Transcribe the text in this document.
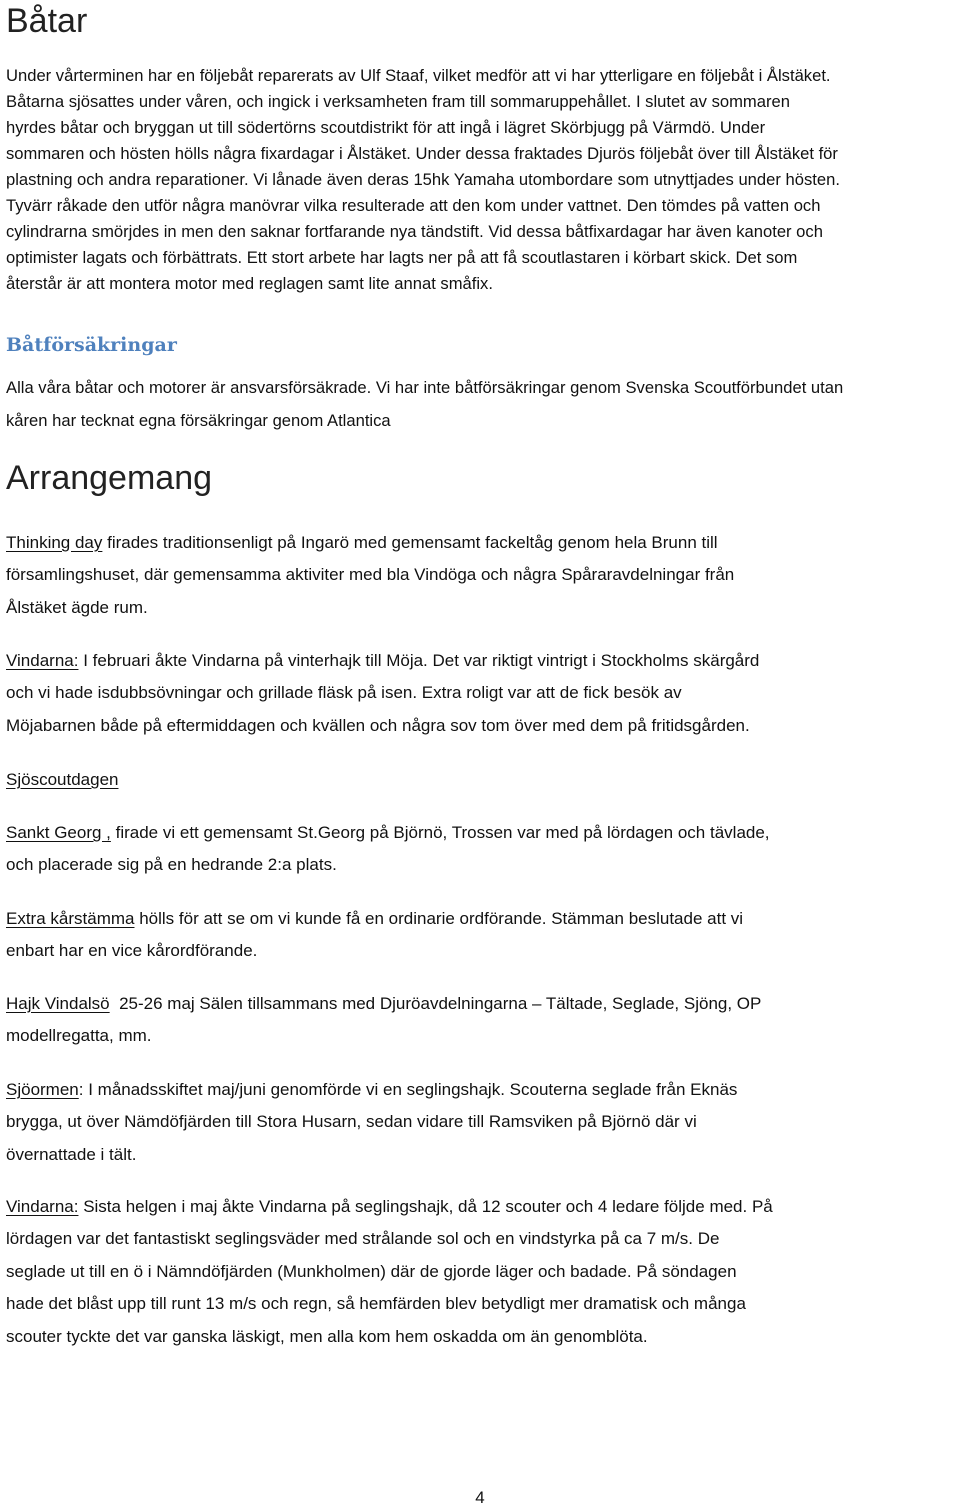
Båtar
Under vårterminen har en följebåt reparerats av Ulf Staaf, vilket medför att vi har ytterligare en följebåt i Ålstäket.
Båtarna sjösattes under våren, och ingick i verksamheten fram till sommaruppehållet. I slutet av sommaren
hyrdes båtar och bryggan ut till södertörns scoutdistrikt för att ingå i lägret Skörbjugg på Värmdö. Under
sommaren och hösten hölls några fixardagar i Ålstäket. Under dessa fraktades Djurös följebåt över till Ålstäket för
plastning och andra reparationer. Vi lånade även deras 15hk Yamaha utombordare som utnyttjades under hösten.
Tyvärr råkade den utför några manövrar vilka resulterade att den kom under vattnet. Den tömdes på vatten och
cylindrarna smörjdes in men den saknar fortfarande nya tändstift. Vid dessa båtfixardagar har även kanoter och
optimister lagats och förbättrats. Ett stort arbete har lagts ner på att få scoutlastaren i körbart skick. Det som
återstår är att montera motor med reglagen samt lite annat småfix.
Båtförsäkringar
Alla våra båtar och motorer är ansvarsförsäkrade. Vi har inte båtförsäkringar genom Svenska Scoutförbundet utan
kåren har tecknat egna försäkringar genom Atlantica
Arrangemang
Thinking day firades traditionsenligt på Ingarö med gemensamt fackeltåg genom hela Brunn till
församlingshuset, där gemensamma aktiviter med bla Vindöga och några Spåraravdelningar från
Ålstäket ägde rum.
Vindarna: I februari åkte Vindarna på vinterhajk till Möja. Det var riktigt vintrigt i Stockholms skärgård
och vi hade isdubbsövningar och grillade fläsk på isen. Extra roligt var att de fick besök av
Möjabarnen både på eftermiddagen och kvällen och några sov tom över med dem på fritidsgården.
Sjöscoutdagen
Sankt Georg , firade vi ett gemensamt St.Georg på Björnö, Trossen var med på lördagen och tävlade,
och placerade sig på en hedrande 2:a plats.
Extra kårstämma hölls för att se om vi kunde få en ordinarie ordförande. Stämman beslutade att vi
enbart har en vice kårordförande.
Hajk Vindalsö  25-26 maj Sälen tillsammans med Djuröavdelningarna – Tältade, Seglade, Sjöng, OP
modellregatta, mm.
Sjöormen: I månadsskiftet maj/juni genomförde vi en seglingshajk. Scouterna seglade från Eknäs
brygga, ut över Nämdöfjärden till Stora Husarn, sedan vidare till Ramsviken på Björnö där vi
övernattade i tält.
Vindarna: Sista helgen i maj åkte Vindarna på seglingshajk, då 12 scouter och 4 ledare följde med. På
lördagen var det fantastiskt seglingsväder med strålande sol och en vindstyrka på ca 7 m/s. De
seglade ut till en ö i Nämndöfjärden (Munkholmen) där de gjorde läger och badade. På söndagen
hade det blåst upp till runt 13 m/s och regn, så hemfärden blev betydligt mer dramatisk och många
scouter tyckte det var ganska läskigt, men alla kom hem oskadda om än genomblöta.
4
